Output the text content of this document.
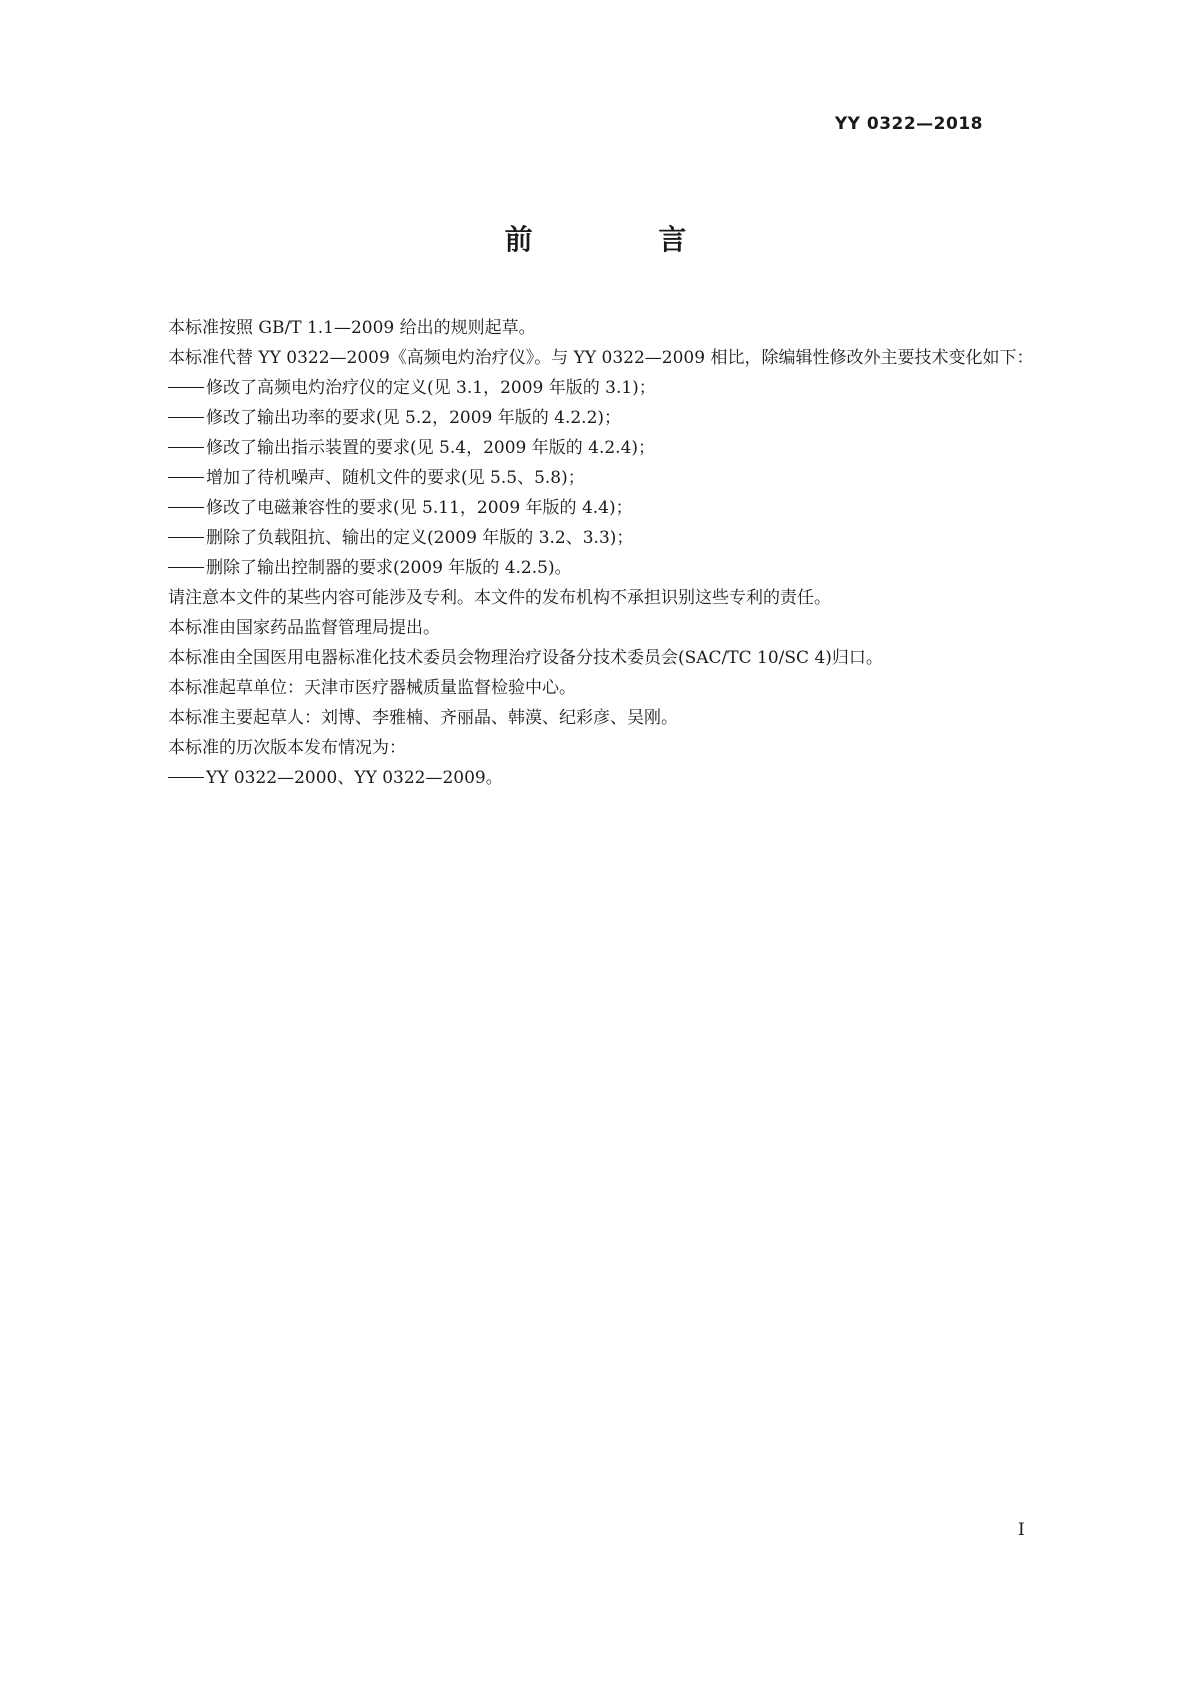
YY 0322—2018
前 言

本标准按照 GB/T 1.1—2009 给出的规则起草。

本标准代替 YY 0322—2009《高频电灼治疗仪》。与 YY 0322—2009 相比，除编辑性修改外主要技术变化如下：

修改了高频电灼治疗仪的定义(见 3.1，2009 年版的 3.1)；

修改了输出功率的要求(见 5.2，2009 年版的 4.2.2)；

修改了输出指示装置的要求(见 5.4，2009 年版的 4.2.4)；

增加了待机噪声、随机文件的要求(见 5.5、5.8)；

修改了电磁兼容性的要求(见 5.11，2009 年版的 4.4)；

删除了负载阻抗、输出的定义(2009 年版的 3.2、3.3)；

删除了输出控制器的要求(2009 年版的 4.2.5)。

请注意本文件的某些内容可能涉及专利。本文件的发布机构不承担识别这些专利的责任。

本标准由国家药品监督管理局提出。

本标准由全国医用电器标准化技术委员会物理治疗设备分技术委员会(SAC/TC 10/SC 4)归口。

本标准起草单位：天津市医疗器械质量监督检验中心。

本标准主要起草人：刘博、李雅楠、齐丽晶、韩漠、纪彩彦、吴刚。

本标准的历次版本发布情况为：

YY 0322—2000、YY 0322—2009。

I
